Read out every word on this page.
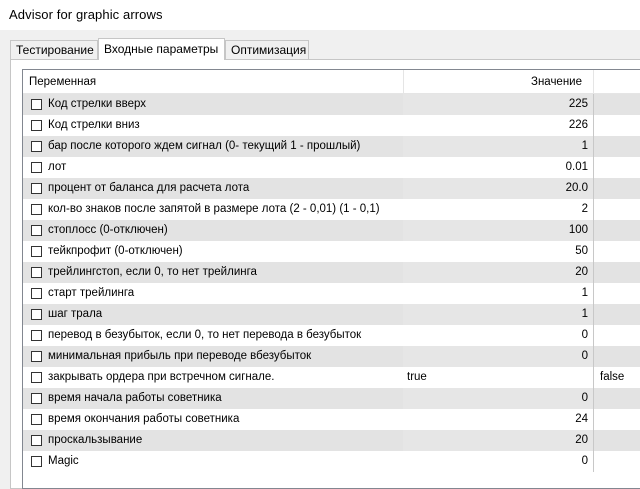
Advisor for graphic arrows
Тестирование Входные параметры	Оптимизация
Переменная	Значение
Код стрелки вверх	225
Код стрелки вниз	226
бар после которого ждем сигнал (0- текущий 1 - прошлый)	1
лот	0.01
процент от баланса для расчета лота	20.0
кол-во знаков после запятой в размере лота (2 - 0,01) (1 - 0,1)	2
стоплосс (0-отключен)	100
тейкпрофит (0-отключен)	50
трейлингстоп, если 0, то нет трейлинга	20
старт трейлинга	1
шаг трала	1
перевод в безубыток, если 0, то нет перевода в безубыток	0
минимальная прибыль при переводе вбезубыток	0
закрывать ордера при встречном сигнале.	true	false
время начала работы советника	0
время окончания работы советника	24
проскальзывание	20
Magic	0
